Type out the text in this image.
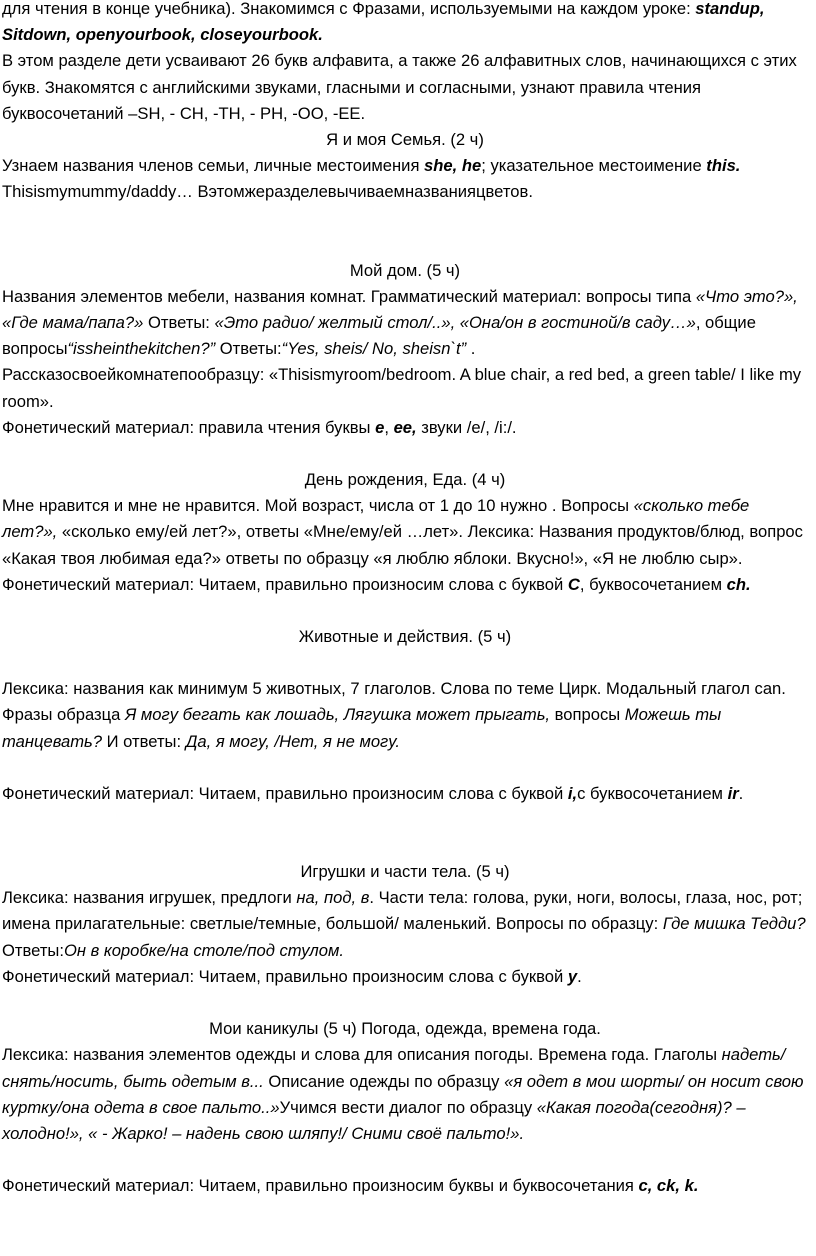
для чтения в конце учебника). Знакомимся с Фразами, используемыми на каждом уроке: standup,
Sitdown, openyourbook, closeyourbook.

В этом разделе дети усваивают 26 букв алфавита, а также 26 алфавитных слов, начинающихся с этих букв. Знакомятся с английскими звуками, гласными и согласными, узнают правила чтения буквосочетаний –SH, - CH, -TH, - PH, -OO, -EE.

Я и моя Семья. (2 ч)

Узнаем названия членов семьи, личные местоимения she, he; указательное местоимение this.
Thisismymummy/daddy… Вэтомжеразделевычиваемназванияцветов.

Мой дом. (5 ч)

Названия элементов мебели, названия комнат. Грамматический материал: вопросы типа «Что это?», «Где мама/папа?» Ответы: «Это радио/ желтый стол/..», «Она/он в гостиной/в саду…», общие вопросы“issheinthekitchen?” Ответы:“Yes, sheis/ No, sheisn`t” .
Рассказосвоейкомнатепообразцу: «Thisismyroom/bedroom. A blue chair, a red bed, a green table/ I like my room».

Фонетический материал: правила чтения буквы e, ee, звуки /e/, /i:/.

День рождения, Еда. (4 ч)

Мне нравится и мне не нравится. Мой возраст, числа от 1 до 10 нужно . Вопросы «сколько тебе лет?», «сколько ему/ей лет?», ответы «Мне/ему/ей …лет». Лексика: Названия продуктов/блюд, вопрос «Какая твоя любимая еда?» ответы по образцу «я люблю яблоки. Вкусно!», «Я не люблю сыр».

Фонетический материал: Читаем, правильно произносим слова с буквой C, буквосочетанием ch.

Животные и действия. (5 ч)

Лексика: названия как минимум 5 животных, 7 глаголов. Слова по теме Цирк. Модальный глагол can. Фразы образца Я могу бегать как лошадь, Лягушка может прыгать, вопросы Можешь ты танцевать? И ответы: Да, я могу, /Нет, я не могу.

Фонетический материал: Читаем, правильно произносим слова с буквой i,с буквосочетанием ir.

Игрушки и части тела. (5 ч)

Лексика: названия игрушек, предлоги на, под, в. Части тела: голова, руки, ноги, волосы, глаза, нос, рот; имена прилагательные: светлые/темные, большой/ маленький. Вопросы по образцу: Где мишка Тедди? Ответы:Он в коробке/на столе/под стулом.

Фонетический материал: Читаем, правильно произносим слова с буквой y.

Мои каникулы (5 ч) Погода, одежда, времена года.

Лексика: названия элементов одежды и слова для описания погоды. Времена года. Глаголы надеть/снять/носить, быть одетым в... Описание одежды по образцу «я одет в мои шорты/ он носит свою куртку/она одета в свое пальто..»Учимся вести диалог по образцу «Какая погода(сегодня)? – холодно!», « - Жарко! – надень свою шляпу!/ Сними своё пальто!».

Фонетический материал: Читаем, правильно произносим буквы и буквосочетания c, ck, k.
